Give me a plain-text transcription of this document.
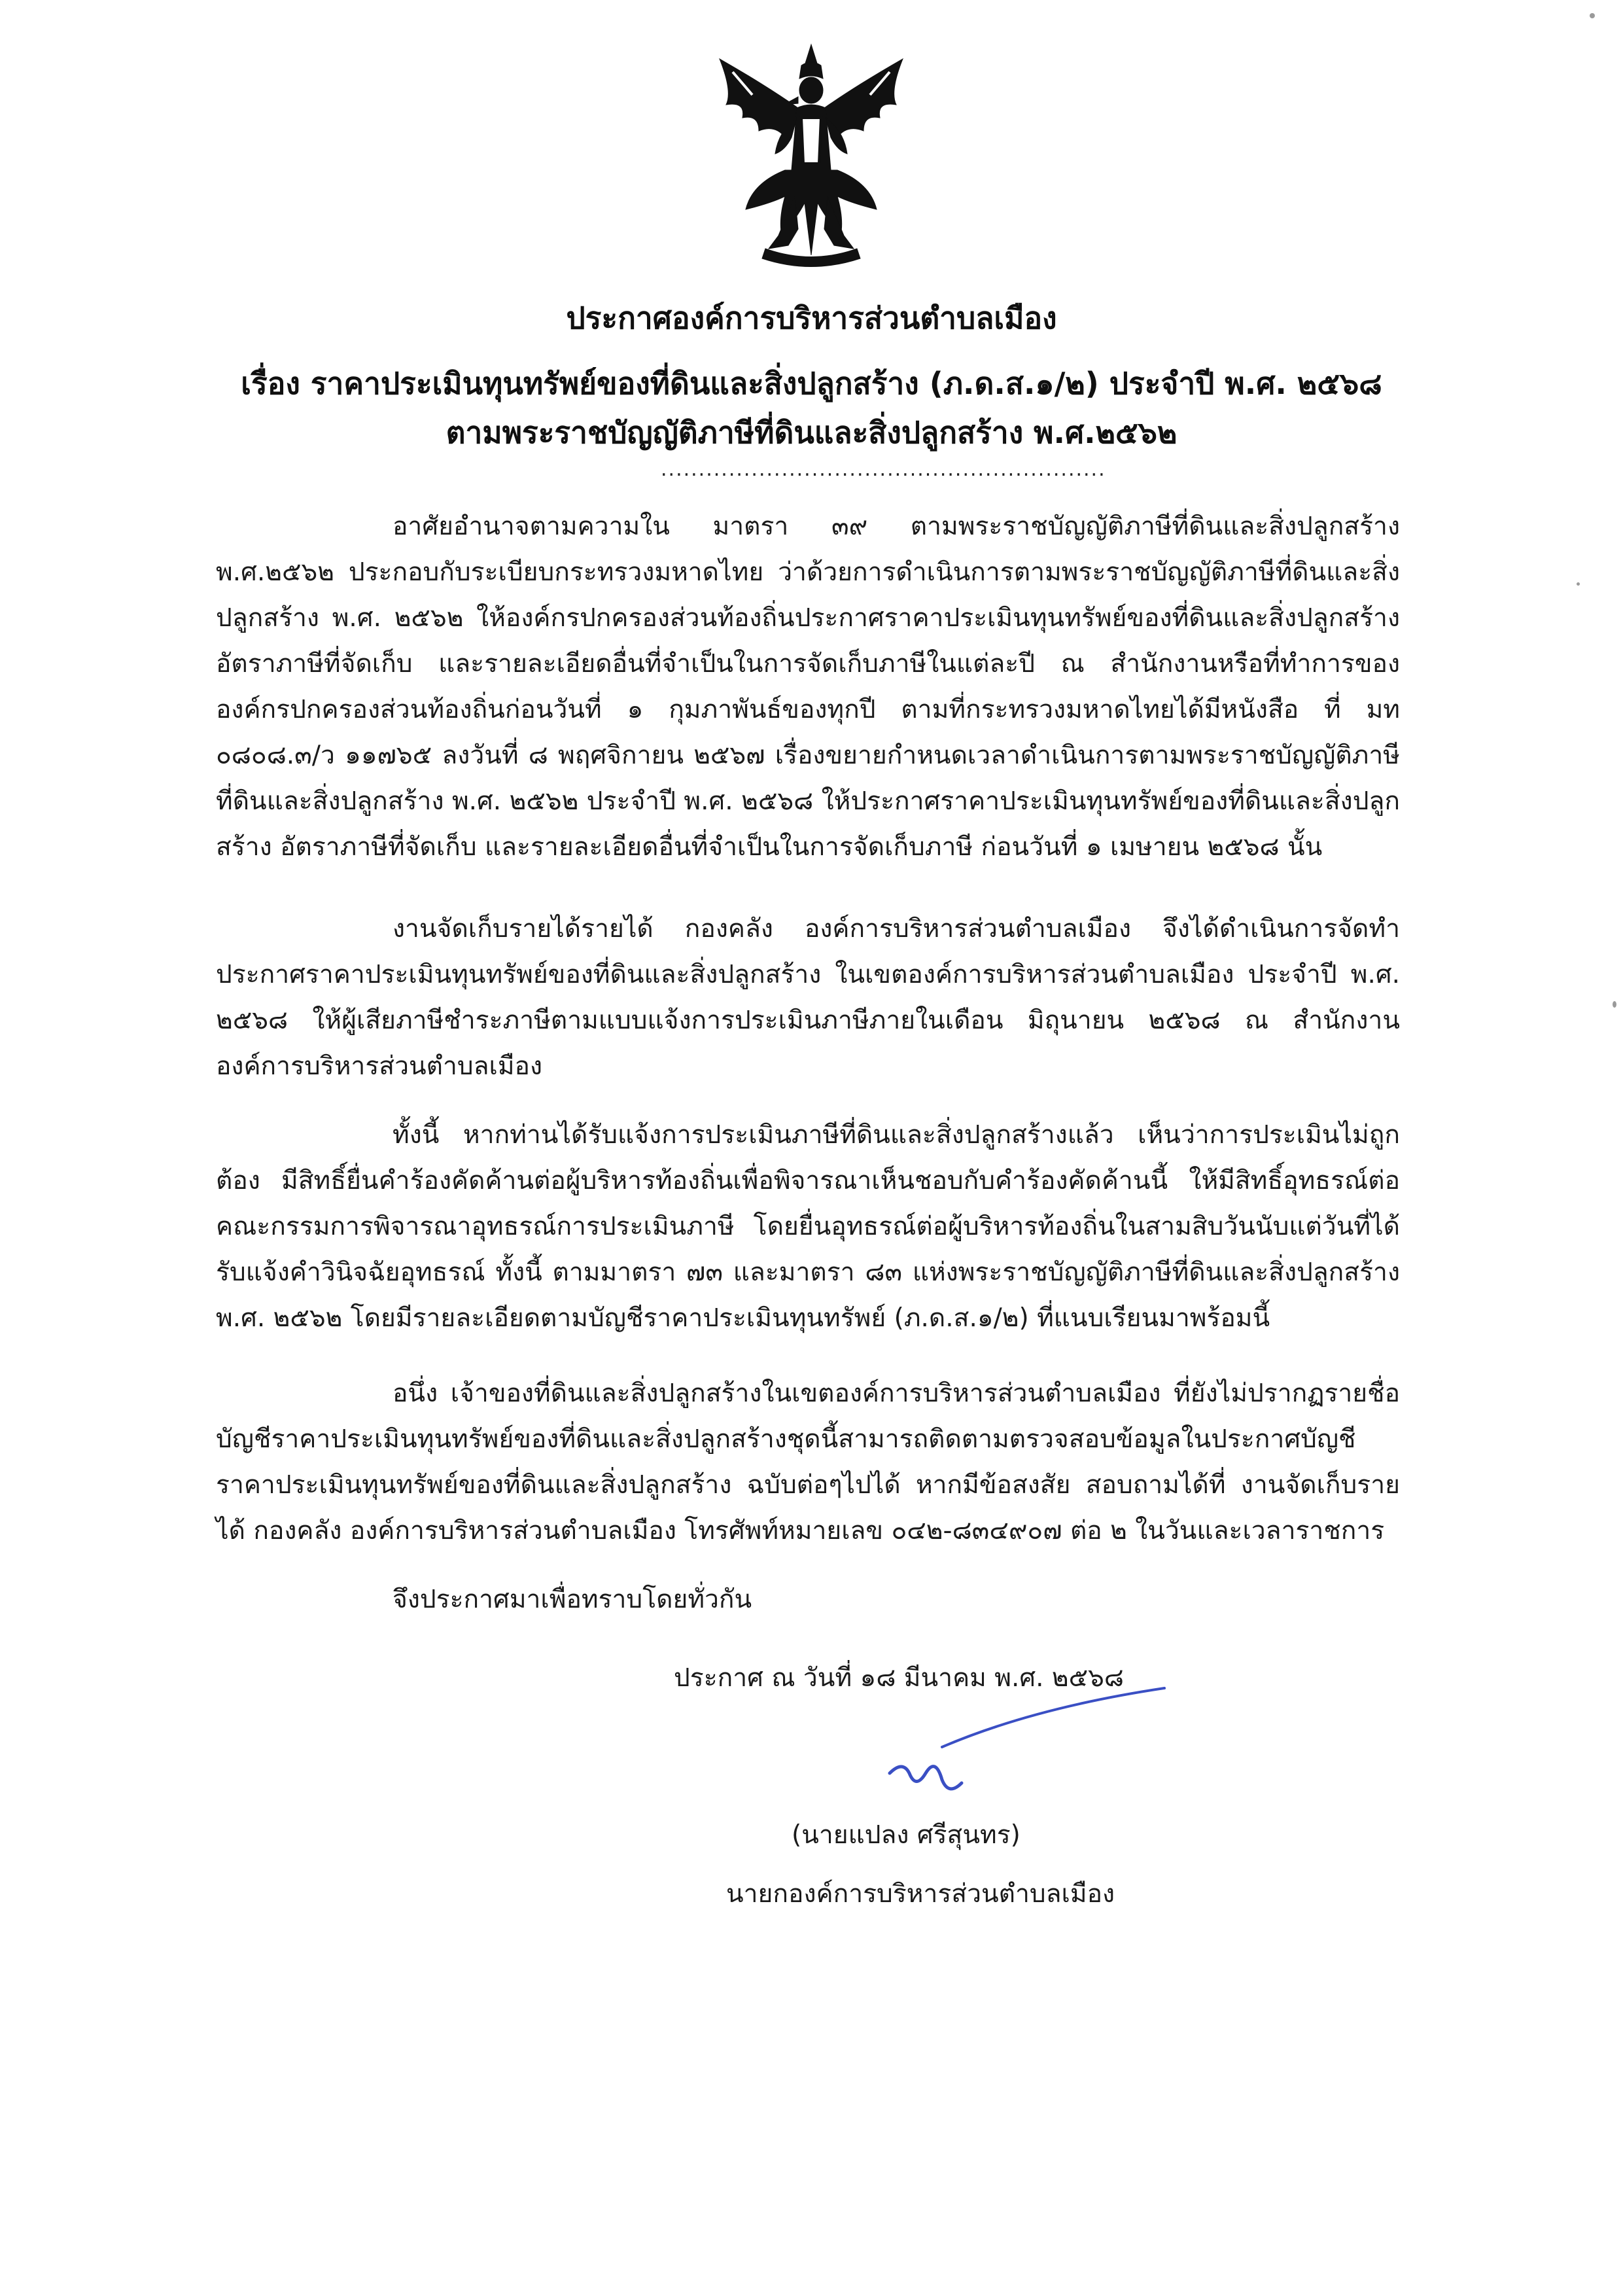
ประกาศองค์การบริหารส่วนตำบลเมือง
เรื่อง ราคาประเมินทุนทรัพย์ของที่ดินและสิ่งปลูกสร้าง (ภ.ด.ส.๑/๒) ประจำปี พ.ศ. ๒๕๖๘
ตามพระราชบัญญัติภาษีที่ดินและสิ่งปลูกสร้าง พ.ศ.๒๕๖๒
...........................................................
อาศัยอำนาจตามความใน มาตรา ๓๙ ตามพระราชบัญญัติภาษีที่ดินและสิ่งปลูกสร้าง พ.ศ.๒๕๖๒ ประกอบกับระเบียบกระทรวงมหาดไทย ว่าด้วยการดำเนินการตามพระราชบัญญัติภาษีที่ดินและสิ่งปลูกสร้าง พ.ศ. ๒๕๖๒ ให้องค์กรปกครองส่วนท้องถิ่นประกาศราคาประเมินทุนทรัพย์ของที่ดินและสิ่งปลูกสร้าง อัตราภาษีที่จัดเก็บ และรายละเอียดอื่นที่จำเป็นในการจัดเก็บภาษีในแต่ละปี ณ สำนักงานหรือที่ทำการขององค์กรปกครองส่วนท้องถิ่นก่อนวันที่ ๑ กุมภาพันธ์ของทุกปี ตามที่กระทรวงมหาดไทยได้มีหนังสือ ที่ มท ๐๘๐๘.๓/ว ๑๑๗๖๕ ลงวันที่ ๘ พฤศจิกายน ๒๕๖๗ เรื่องขยายกำหนดเวลาดำเนินการตามพระราชบัญญัติภาษีที่ดินและสิ่งปลูกสร้าง พ.ศ. ๒๕๖๒ ประจำปี พ.ศ. ๒๕๖๘ ให้ประกาศราคาประเมินทุนทรัพย์ของที่ดินและสิ่งปลูกสร้าง อัตราภาษีที่จัดเก็บ และรายละเอียดอื่นที่จำเป็นในการจัดเก็บภาษี ก่อนวันที่ ๑ เมษายน ๒๕๖๘ นั้น
งานจัดเก็บรายได้รายได้ กองคลัง องค์การบริหารส่วนตำบลเมือง จึงได้ดำเนินการจัดทำประกาศราคาประเมินทุนทรัพย์ของที่ดินและสิ่งปลูกสร้าง ในเขตองค์การบริหารส่วนตำบลเมือง ประจำปี พ.ศ. ๒๕๖๘ ให้ผู้เสียภาษีชำระภาษีตามแบบแจ้งการประเมินภาษีภายในเดือน มิถุนายน ๒๕๖๘ ณ สำนักงานองค์การบริหารส่วนตำบลเมือง
ทั้งนี้ หากท่านได้รับแจ้งการประเมินภาษีที่ดินและสิ่งปลูกสร้างแล้ว เห็นว่าการประเมินไม่ถูกต้อง มีสิทธิ์ยื่นคำร้องคัดค้านต่อผู้บริหารท้องถิ่นเพื่อพิจารณาเห็นชอบกับคำร้องคัดค้านนี้ ให้มีสิทธิ์อุทธรณ์ต่อคณะกรรมการพิจารณาอุทธรณ์การประเมินภาษี โดยยื่นอุทธรณ์ต่อผู้บริหารท้องถิ่นในสามสิบวันนับแต่วันที่ได้รับแจ้งคำวินิจฉัยอุทธรณ์ ทั้งนี้ ตามมาตรา ๗๓ และมาตรา ๘๓ แห่งพระราชบัญญัติภาษีที่ดินและสิ่งปลูกสร้าง พ.ศ. ๒๕๖๒ โดยมีรายละเอียดตามบัญชีราคาประเมินทุนทรัพย์ (ภ.ด.ส.๑/๒) ที่แนบเรียนมาพร้อมนี้
อนึ่ง เจ้าของที่ดินและสิ่งปลูกสร้างในเขตองค์การบริหารส่วนตำบลเมือง ที่ยังไม่ปรากฏรายชื่อบัญชีราคาประเมินทุนทรัพย์ของที่ดินและสิ่งปลูกสร้างชุดนี้สามารถติดตามตรวจสอบข้อมูลในประกาศบัญชีราคาประเมินทุนทรัพย์ของที่ดินและสิ่งปลูกสร้าง ฉบับต่อๆไปได้ หากมีข้อสงสัย สอบถามได้ที่ งานจัดเก็บรายได้ กองคลัง องค์การบริหารส่วนตำบลเมือง โทรศัพท์หมายเลข ๐๔๒-๘๓๔๙๐๗ ต่อ ๒ ในวันและเวลาราชการ
จึงประกาศมาเพื่อทราบโดยทั่วกัน
ประกาศ ณ วันที่ ๑๘ มีนาคม พ.ศ. ๒๕๖๘
(นายแปลง ศรีสุนทร)
นายกองค์การบริหารส่วนตำบลเมือง
